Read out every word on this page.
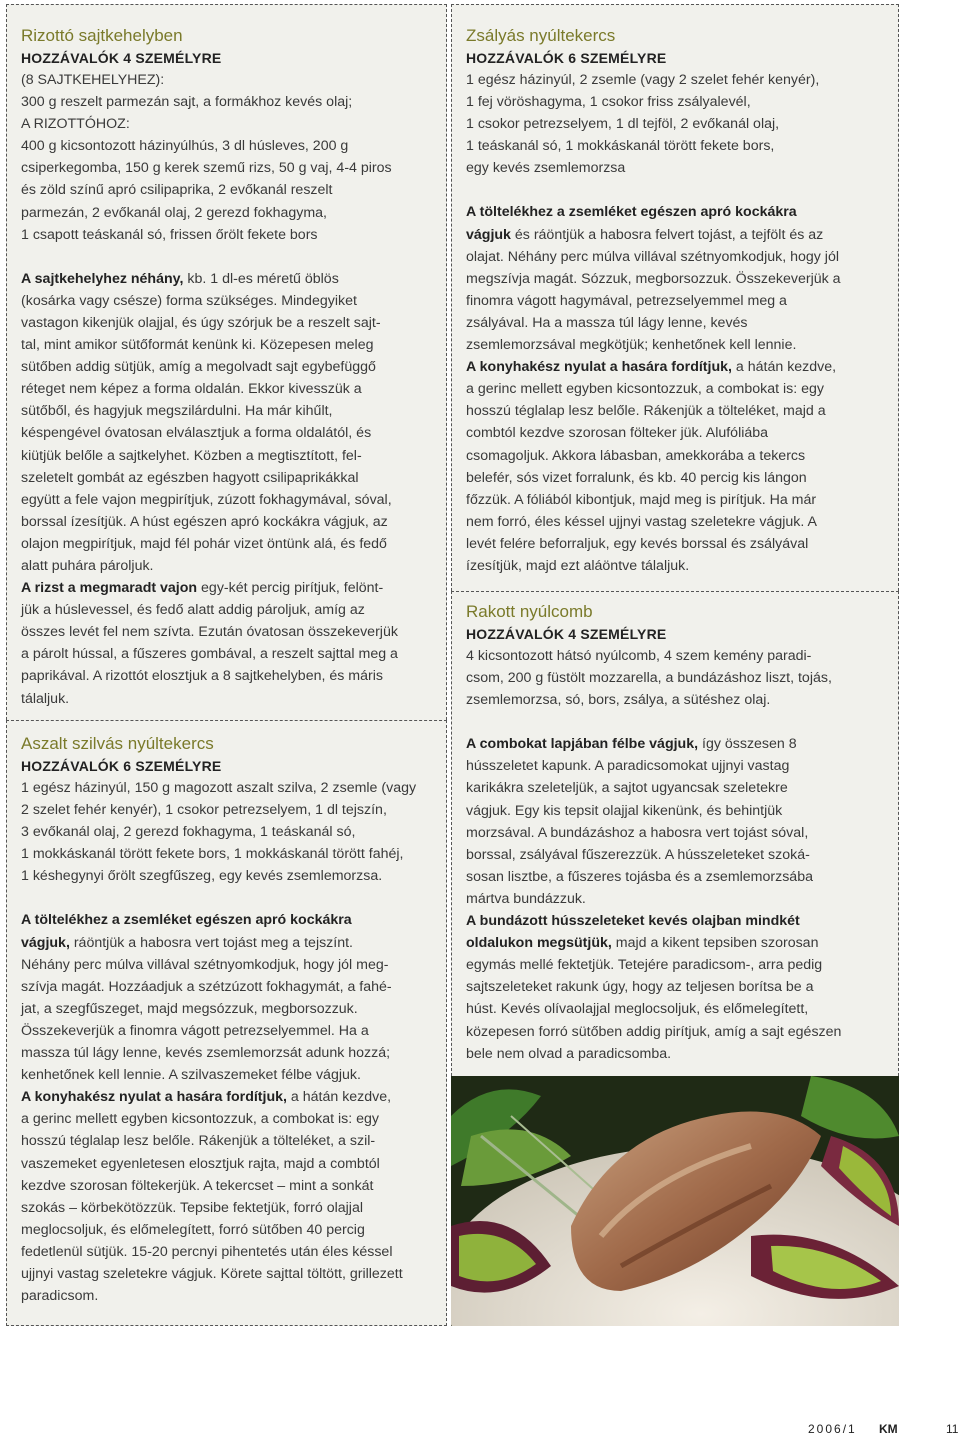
Rizottó sajtkehelyben
HOZZÁVALÓK 4 SZEMÉLYRE
(8 SAJTKEHELYHEZ):
300 g reszelt parmezán sajt, a formákhoz kevés olaj;
A RIZOTTÓHOZ:
400 g kicsontozott házinyúlhús, 3 dl húsleves, 200 g
csiperkegomba, 150 g kerek szemű rizs, 50 g vaj, 4-4 piros
és zöld színű apró csilipaprika, 2 evőkanál reszelt
parmezán, 2 evőkanál olaj, 2 gerezd fokhagyma,
1 csapott teáskanál só, frissen őrölt fekete bors
A sajtkehelyhez néhány, kb. 1 dl-es méretű öblös
(kosárka vagy csésze) forma szükséges. Mindegyiket
vastagon kikenjük olajjal, és úgy szórjuk be a reszelt sajt-
tal, mint amikor sütőformát kenünk ki. Közepesen meleg
sütőben addig sütjük, amíg a megolvadt sajt egybefüggő
réteget nem képez a forma oldalán. Ekkor kivesszük a
sütőből, és hagyjuk megszilárdulni. Ha már kihűlt,
késpengével óvatosan elválasztjuk a forma oldalától, és
kiütjük belőle a sajtkelyhet. Közben a megtisztított, fel-
szeletelt gombát az egészben hagyott csilipaprikákkal
együtt a fele vajon megpirítjuk, zúzott fokhagymával, sóval,
borssal ízesítjük. A húst egészen apró kockákra vágjuk, az
olajon megpirítjuk, majd fél pohár vizet öntünk alá, és fedő
alatt puhára pároljuk.
A rizst a megmaradt vajon egy-két percig pirítjuk, felönt-
jük a húslevessel, és fedő alatt addig pároljuk, amíg az
összes levét fel nem szívta. Ezután óvatosan összekeverjük
a párolt hússal, a fűszeres gombával, a reszelt sajttal meg a
paprikával. A rizottót elosztjuk a 8 sajtkehelyben, és máris
tálaljuk.
Aszalt szilvás nyúltekercs
HOZZÁVALÓK 6 SZEMÉLYRE
1 egész házinyúl, 150 g magozott aszalt szilva, 2 zsemle (vagy
2 szelet fehér kenyér), 1 csokor petrezselyem, 1 dl tejszín,
3 evőkanál olaj, 2 gerezd fokhagyma, 1 teáskanál só,
1 mokkáskanál törött fekete bors, 1 mokkáskanál törött fahéj,
1 késhegynyi őrölt szegfűszeg, egy kevés zsemlemorzsa.
A töltelékhez a zsemléket egészen apró kockákra
vágjuk, ráöntjük a habosra vert tojást meg a tejszínt.
Néhány perc múlva villával szétnyomkodjuk, hogy jól meg-
szívja magát. Hozzáadjuk a szétzúzott fokhagymát, a fahé-
jat, a szegfűszeget, majd megsózzuk, megborsozzuk.
Összekeverjük a finomra vágott petrezselyemmel. Ha a
massza túl lágy lenne, kevés zsemlemorzsát adunk hozzá;
kenhetőnek kell lennie. A szilvaszemeket félbe vágjuk.
A konyhakész nyulat a hasára fordítjuk, a hátán kezdve,
a gerinc mellett egyben kicsontozzuk, a combokat is: egy
hosszú téglalap lesz belőle. Rákenjük a tölteléket, a szil-
vaszemeket egyenletesen elosztjuk rajta, majd a combtól
kezdve szorosan föltekerjük. A tekercset – mint a sonkát
szokás – körbekötözzük. Tepsibe fektetjük, forró olajjal
meglocsoljuk, és előmelegített, forró sütőben 40 percig
fedetlenül sütjük. 15-20 percnyi pihentetés után éles késsel
ujjnyi vastag szeletekre vágjuk. Körete sajttal töltött, grillezett
paradicsom.
Zsályás nyúltekercs
HOZZÁVALÓK 6 SZEMÉLYRE
1 egész házinyúl, 2 zsemle (vagy 2 szelet fehér kenyér),
1 fej vöröshagyma, 1 csokor friss zsályalevél,
1 csokor petrezselyem, 1 dl tejföl, 2 evőkanál olaj,
1 teáskanál só, 1 mokkáskanál törött fekete bors,
egy kevés zsemlemorzsa
A töltelékhez a zsemléket egészen apró kockákra
vágjuk és ráöntjük a habosra felvert tojást, a tejfölt és az
olajat. Néhány perc múlva villával szétnyomkodjuk, hogy jól
megszívja magát. Sózzuk, megborsozzuk. Összekeverjük a
finomra vágott hagymával, petrezselyemmel meg a
zsályával. Ha a massza túl lágy lenne, kevés
zsemlemorzsával megkötjük; kenhetőnek kell lennie.
A konyhakész nyulat a hasára fordítjuk, a hátán kezdve,
a gerinc mellett egyben kicsontozzuk, a combokat is: egy
hosszú téglalap lesz belőle. Rákenjük a tölteléket, majd a
combtól kezdve szorosan fölteker jük. Alufóliába
csomagoljuk. Akkora lábasban, amekkorába a tekercs
belefér, sós vizet forralunk, és kb. 40 percig kis lángon
főzzük. A fóliából kibontjuk, majd meg is pirítjuk. Ha már
nem forró, éles késsel ujjnyi vastag szeletekre vágjuk. A
levét felére beforraljuk, egy kevés borssal és zsályával
ízesítjük, majd ezt aláöntve tálaljuk.
Rakott nyúlcomb
HOZZÁVALÓK 4 SZEMÉLYRE
4 kicsontozott hátsó nyúlcomb, 4 szem kemény paradi-
csom, 200 g füstölt mozzarella, a bundázáshoz liszt, tojás,
zsemlemorzsa, só, bors, zsálya, a sütéshez olaj.
A combokat lapjában félbe vágjuk, így összesen 8
hússzeletet kapunk. A paradicsomokat ujjnyi vastag
karikákra szeleteljük, a sajtot ugyancsak szeletekre
vágjuk. Egy kis tepsit olajjal kikenünk, és behintjük
morzsával. A bundázáshoz a habosra vert tojást sóval,
borssal, zsályával fűszerezzük. A hússzeleteket szoká-
sosan lisztbe, a fűszeres tojásba és a zsemlemorzsába
mártva bundázzuk.
A bundázott hússzeleteket kevés olajban mindkét
oldalukon megsütjük, majd a kikent tepsiben szorosan
egymás mellé fektetjük. Tetejére paradicsom-, arra pedig
sajtszeleteket rakunk úgy, hogy az teljesen borítsa be a
húst. Kevés olívaolajjal meglocsoljuk, és előmelegített,
közepesen forró sütőben addig pirítjuk, amíg a sajt egészen
bele nem olvad a paradicsomba.
2006/1 KM	11
